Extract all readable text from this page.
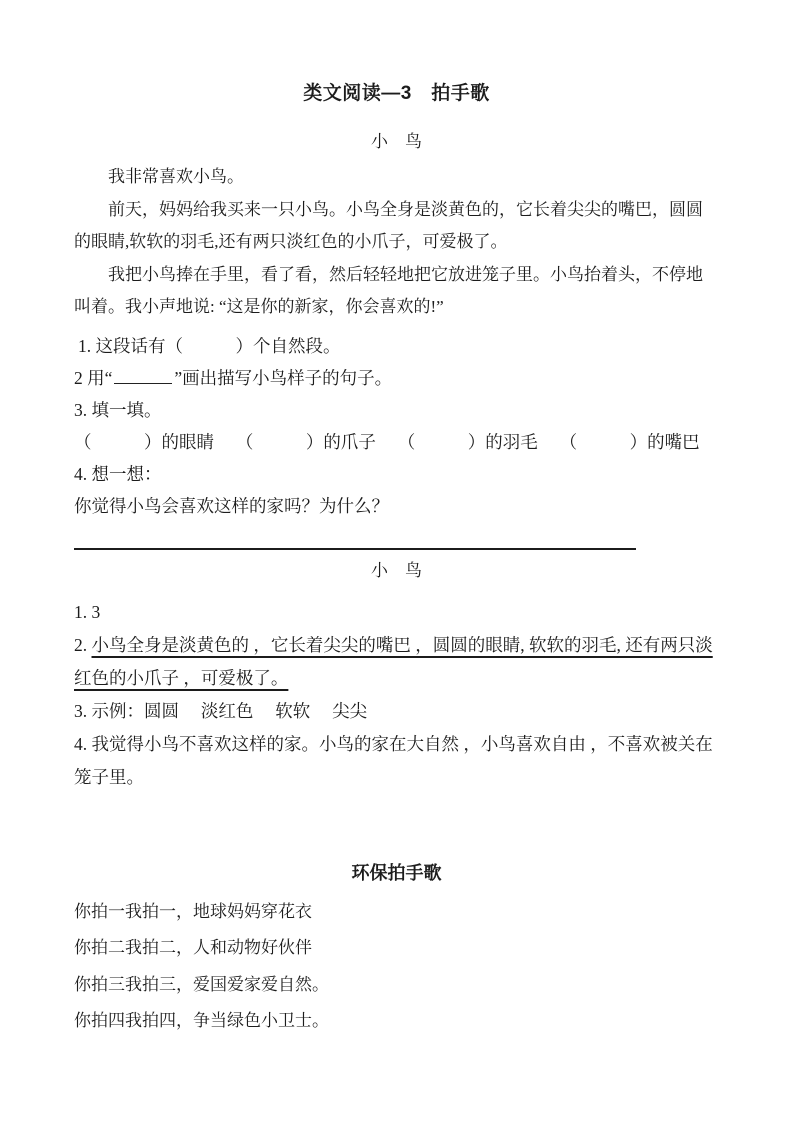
类文阅读—3　拍手歌
小　鸟

我非常喜欢小鸟。

前天，妈妈给我买来一只小鸟。小鸟全身是淡黄色的，它长着尖尖的嘴巴，圆圆的眼睛,软软的羽毛,还有两只淡红色的小爪子，可爱极了。

我把小鸟捧在手里，看了看，然后轻轻地把它放进笼子里。小鸟抬着头，不停地叫着。我小声地说: “这是你的新家，你会喜欢的!”

1. 这段话有（　　　）个自然段。

2 用“	”画出描写小鸟样子的句子。

3. 填一填。

（　　　）的眼睛　 （　　　）的爪子　 （　　　）的羽毛　 （　　　）的嘴巴

4. 想一想：

你觉得小鸟会喜欢这样的家吗？为什么？

小　鸟

1. 3

2. 小鸟全身是淡黄色的 ，它长着尖尖的嘴巴 ，圆圆的眼睛, 软软的羽毛, 还有两只淡红色的小爪子 ，可爱极了。

3. 示例：圆圆　 淡红色　 软软　 尖尖

4. 我觉得小鸟不喜欢这样的家。小鸟的家在大自然 ，小鸟喜欢自由 ，不喜欢被关在笼子里。

环保拍手歌

你拍一我拍一，地球妈妈穿花衣

你拍二我拍二，人和动物好伙伴

你拍三我拍三，爱国爱家爱自然。

你拍四我拍四，争当绿色小卫士。
